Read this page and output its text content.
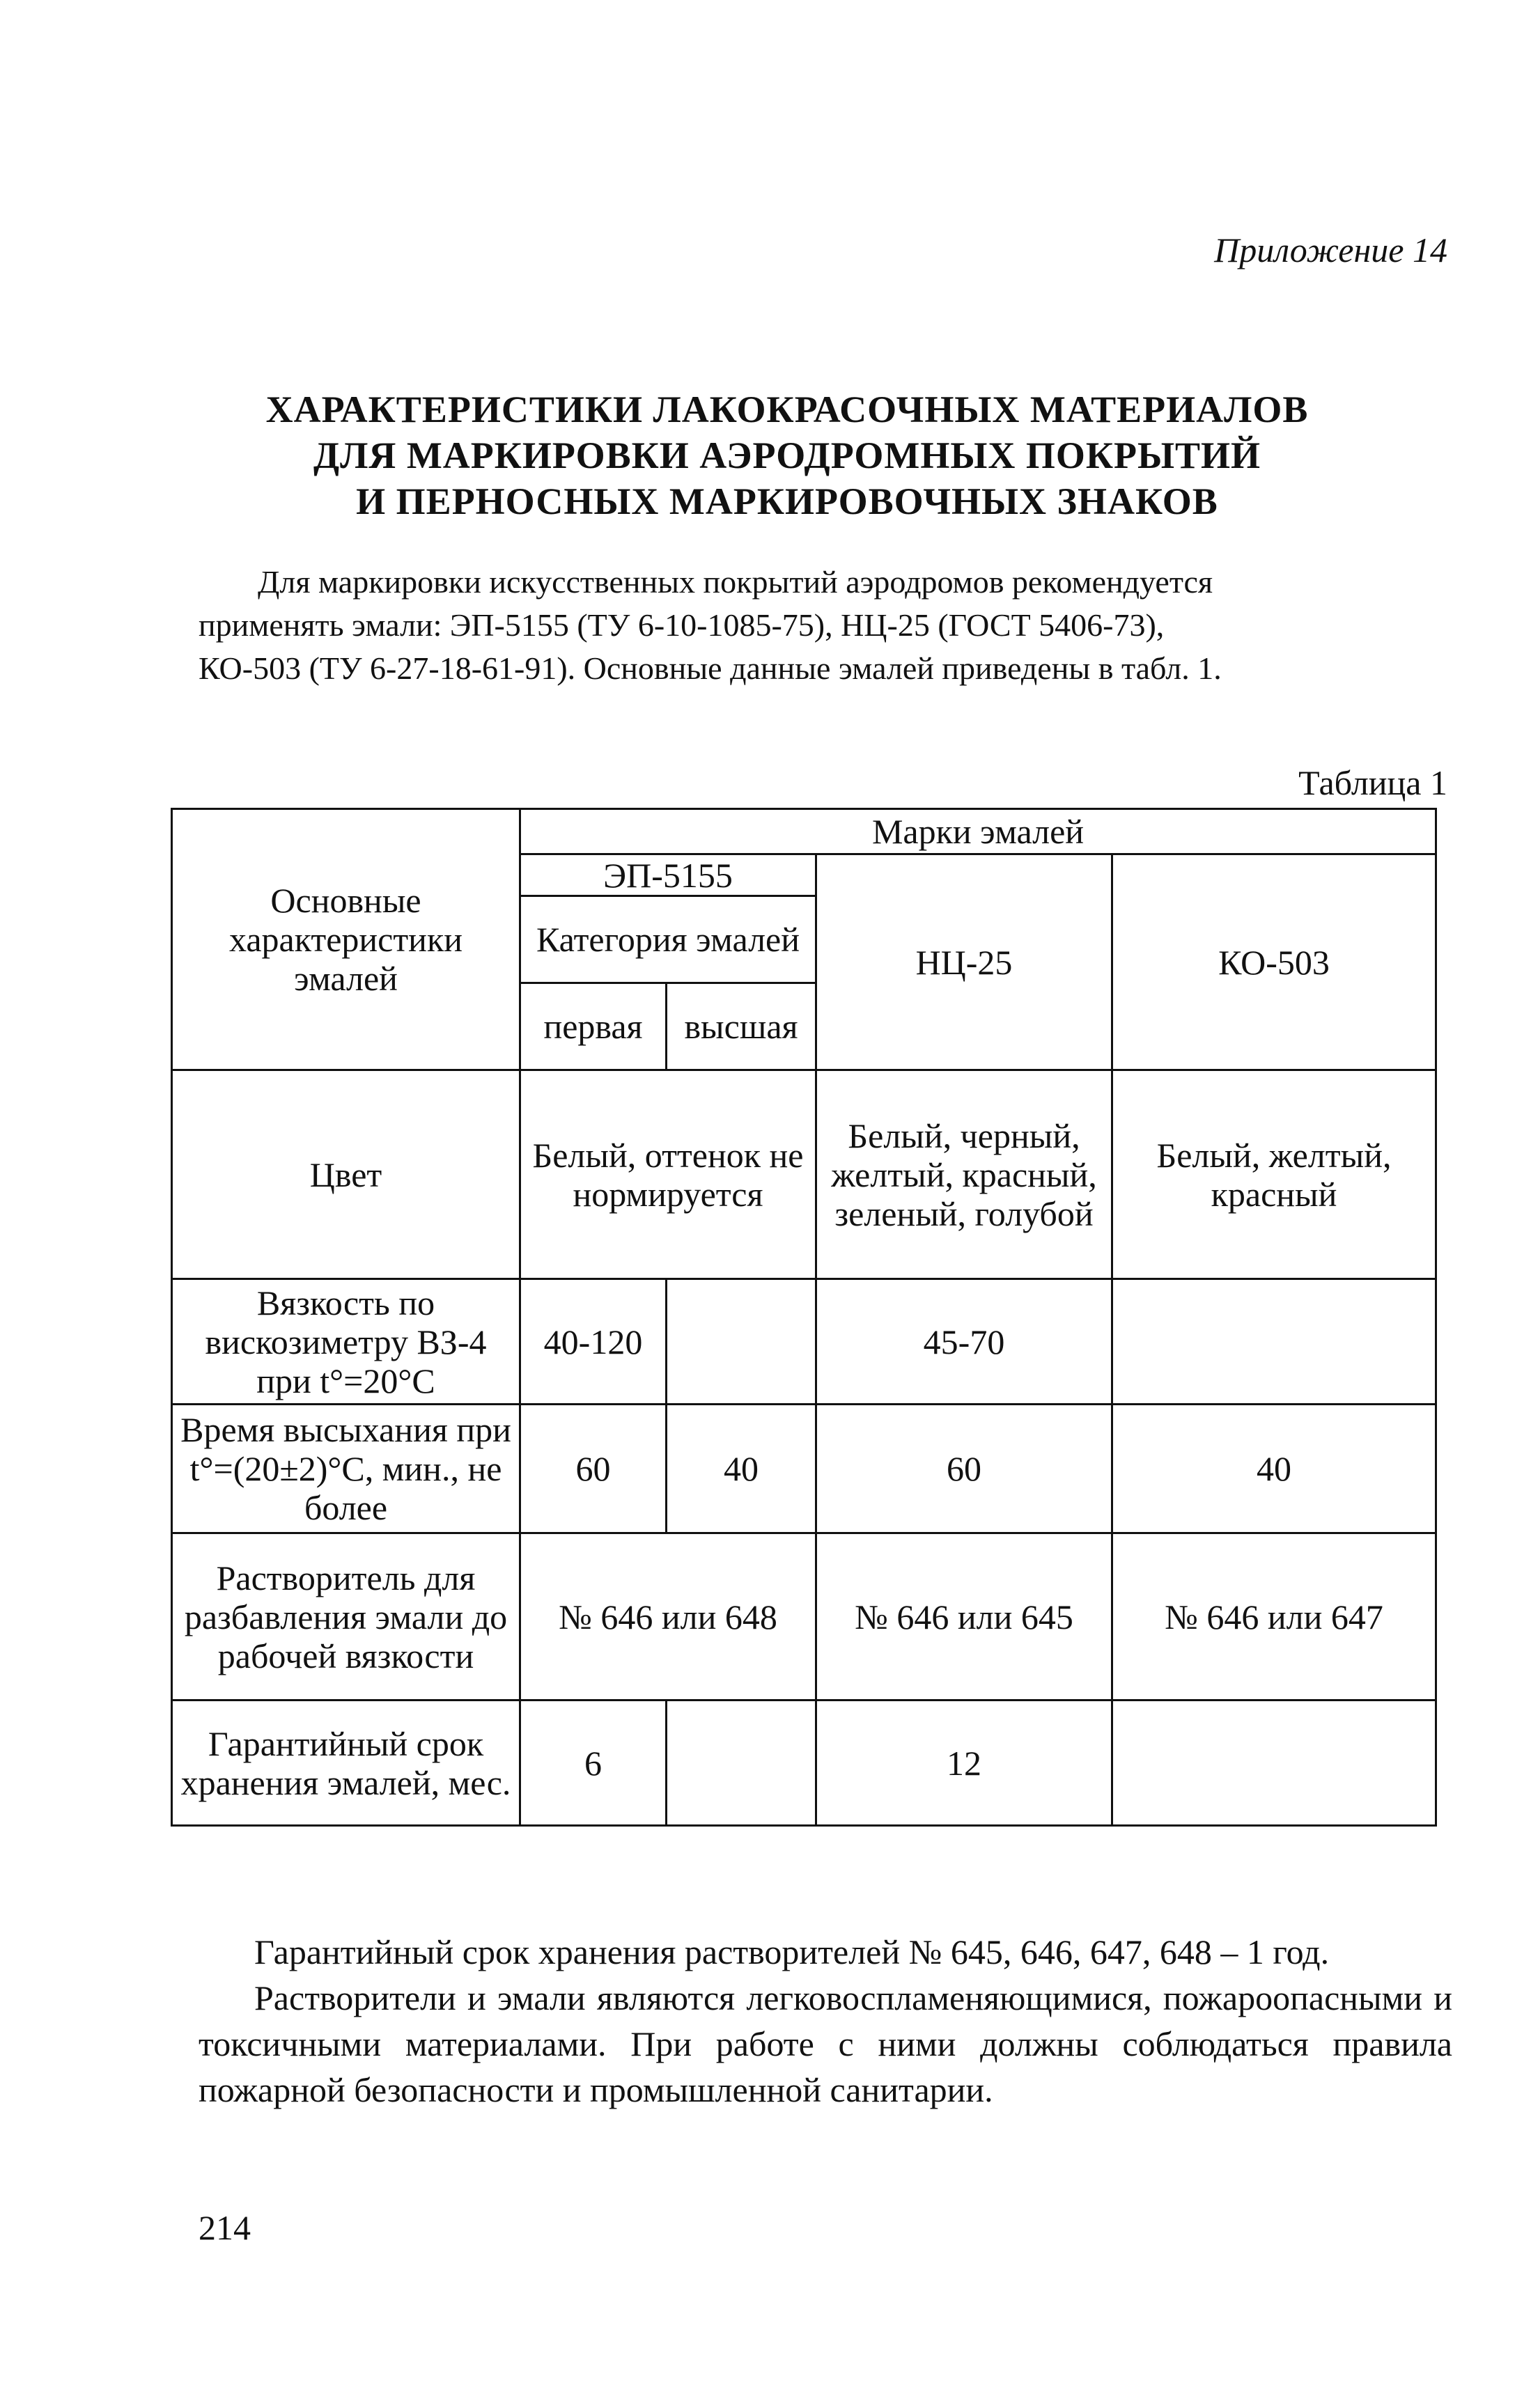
Приложение 14
ХАРАКТЕРИСТИКИ ЛАКОКРАСОЧНЫХ МАТЕРИАЛОВ
ДЛЯ МАРКИРОВКИ АЭРОДРОМНЫХ ПОКРЫТИЙ
И ПЕРНОСНЫХ МАРКИРОВОЧНЫХ ЗНАКОВ
Для маркировки искусственных покрытий аэродромов рекомендуется
применять эмали: ЭП-5155 (ТУ 6-10-1085-75), НЦ-25 (ГОСТ 5406-73),
КО-503 (ТУ 6-27-18-61-91). Основные данные эмалей приведены в табл. 1.
Таблица 1
Основные характеристики эмалей	Марки эмалей			
	ЭП-5155		НЦ-25	КО-503
	Категория эмалей			
	первая	высшая		
Цвет	Белый, оттенок не нормируется		Белый, черный, желтый, красный, зеленый, голубой	Белый, желтый, красный
Вязкость по вискозиметру ВЗ-4 при t°=20°С	40-120		45-70	
Время высыхания при t°=(20±2)°С, мин., не более	60	40	60	40
Растворитель для разбавления эмали до рабочей вязкости	№ 646 или 648		№ 646 или 645	№ 646 или 647
Гарантийный срок хранения эмалей, мес.	6		12	

Гарантийный срок хранения растворителей № 645, 646, 647, 648 – 1 год.

Растворители и эмали являются легковоспламеняющимися, пожароопасными и токсичными материалами. При работе с ними должны соблюдаться правила пожарной безопасности и промышленной санитарии.

214
